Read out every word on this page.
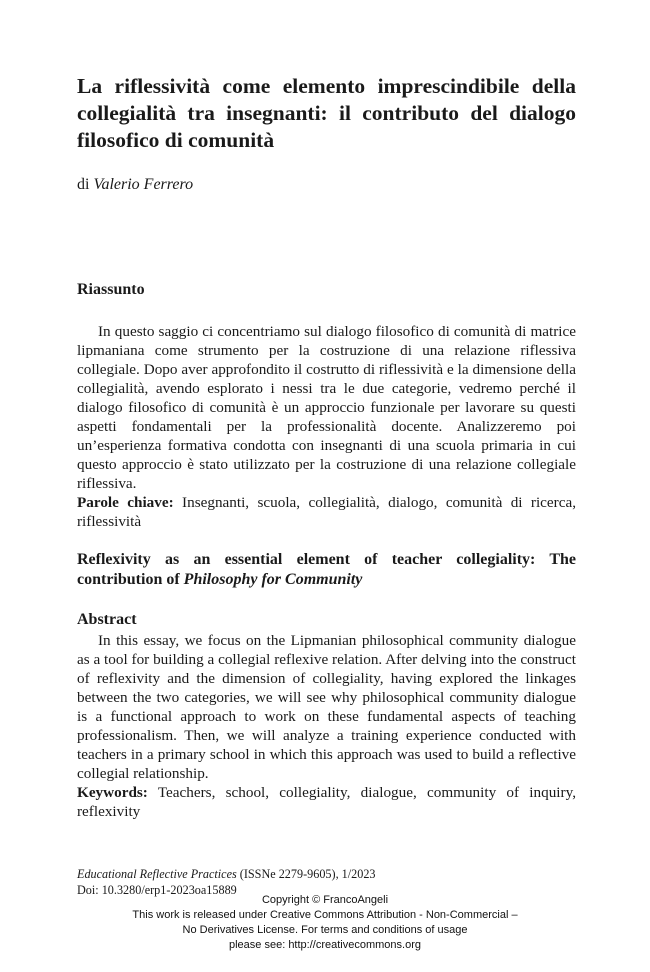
La riflessività come elemento imprescindibile della collegialità tra insegnanti: il contributo del dialogo filosofico di comunità
di Valerio Ferrero
Riassunto

In questo saggio ci concentriamo sul dialogo filosofico di comunità di matrice lipmaniana come strumento per la costruzione di una relazione riflessiva collegiale. Dopo aver approfondito il costrutto di riflessività e la dimensione della collegialità, avendo esplorato i nessi tra le due categorie, vedremo perché il dialogo filosofico di comunità è un approccio funzionale per lavorare su questi aspetti fondamentali per la professionalità docente. Analizzeremo poi un’esperienza formativa condotta con insegnanti di una scuola primaria in cui questo approccio è stato utilizzato per la costruzione di una relazione collegiale riflessiva.

Parole chiave: Insegnanti, scuola, collegialità, dialogo, comunità di ricerca, riflessività

Reflexivity as an essential element of teacher collegiality: The contribution of Philosophy for Community
Abstract

In this essay, we focus on the Lipmanian philosophical community dialogue as a tool for building a collegial reflexive relation. After delving into the construct of reflexivity and the dimension of collegiality, having explored the linkages between the two categories, we will see why philosophical community dialogue is a functional approach to work on these fundamental aspects of teaching professionalism. Then, we will analyze a training experience conducted with teachers in a primary school in which this approach was used to build a reflective collegial relationship.

Keywords: Teachers, school, collegiality, dialogue, community of inquiry, reflexivity

Educational Reflective Practices (ISSNe 2279-9605), 1/2023
Doi: 10.3280/erp1-2023oa15889
Copyright © FrancoAngeli
This work is released under Creative Commons Attribution - Non-Commercial –
No Derivatives License. For terms and conditions of usage
please see: http://creativecommons.org
